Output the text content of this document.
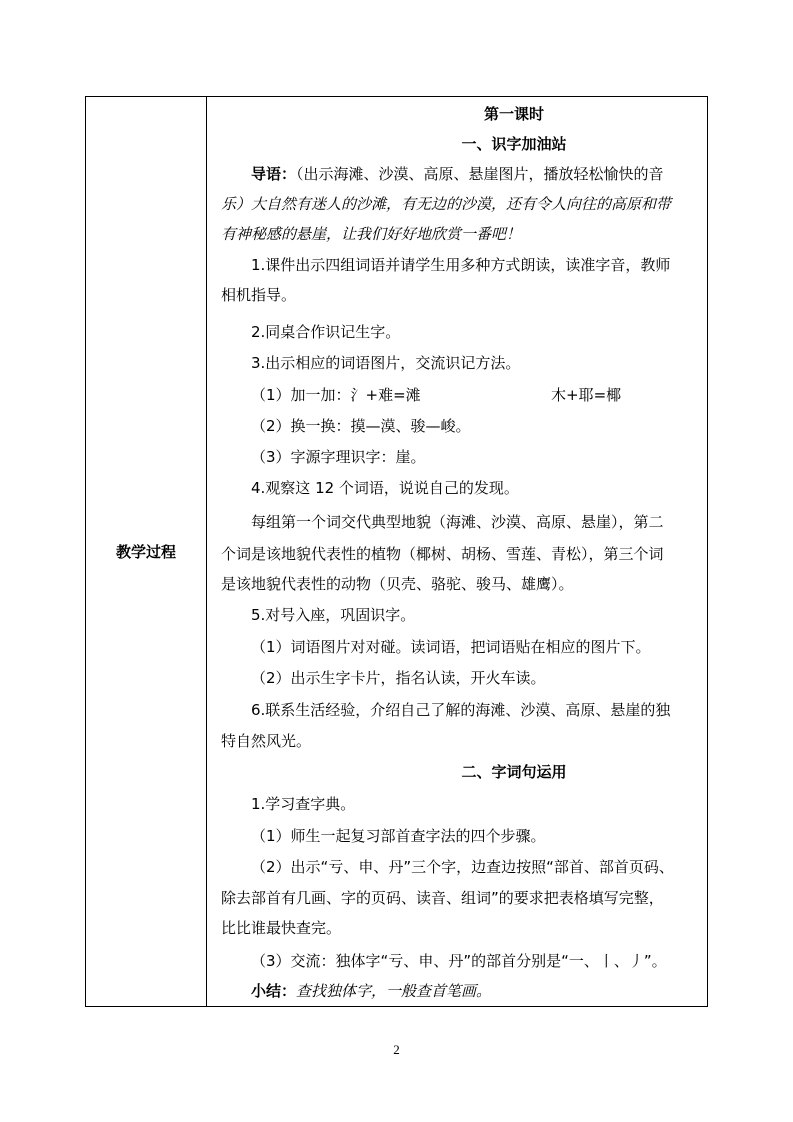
教学过程
第一课时
一、识字加油站
导语：（出示海滩、沙漠、高原、悬崖图片，播放轻松愉快的音
乐）大自然有迷人的沙滩，有无边的沙漠，还有令人向往的高原和带
有神秘感的悬崖，让我们好好地欣赏一番吧！
1.课件出示四组词语并请学生用多种方式朗读，读准字音，教师
相机指导。
2.同桌合作识记生字。
3.出示相应的词语图片，交流识记方法。
（1）加一加：氵+难=滩	木+耶=椰
（2）换一换：摸—漠、骏—峻。
（3）字源字理识字：崖。
4.观察这 12 个词语，说说自己的发现。
每组第一个词交代典型地貌（海滩、沙漠、高原、悬崖），第二
个词是该地貌代表性的植物（椰树、胡杨、雪莲、青松），第三个词
是该地貌代表性的动物（贝壳、骆驼、骏马、雄鹰）。
5.对号入座，巩固识字。
（1）词语图片对对碰。读词语，把词语贴在相应的图片下。
（2）出示生字卡片，指名认读，开火车读。
6.联系生活经验，介绍自己了解的海滩、沙漠、高原、悬崖的独
特自然风光。
二、字词句运用
1.学习查字典。
（1）师生一起复习部首查字法的四个步骤。
（2）出示“亏、申、丹”三个字，边查边按照“部首、部首页码、
除去部首有几画、字的页码、读音、组词”的要求把表格填写完整，
比比谁最快查完。
（3）交流：独体字“亏、申、丹”的部首分别是“一、丨、丿”。
小结：查找独体字，一般查首笔画。
2
